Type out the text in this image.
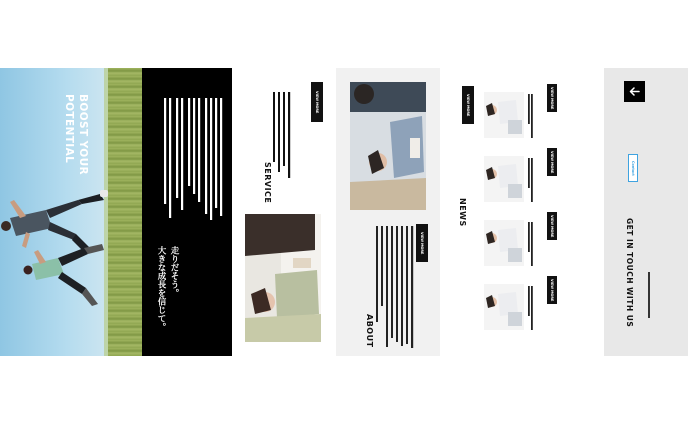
BOOST YOUR
POTENTIAL
走りだそう。
大きな成長を信じて。
SERVICE
VIEW MORE
ABOUT
VIEW MORE
NEWS
VIEW MORE	VIEW MORE
VIEW MORE
VIEW MORE
VIEW MORE
Contact
GET IN TOUCH WITH US
